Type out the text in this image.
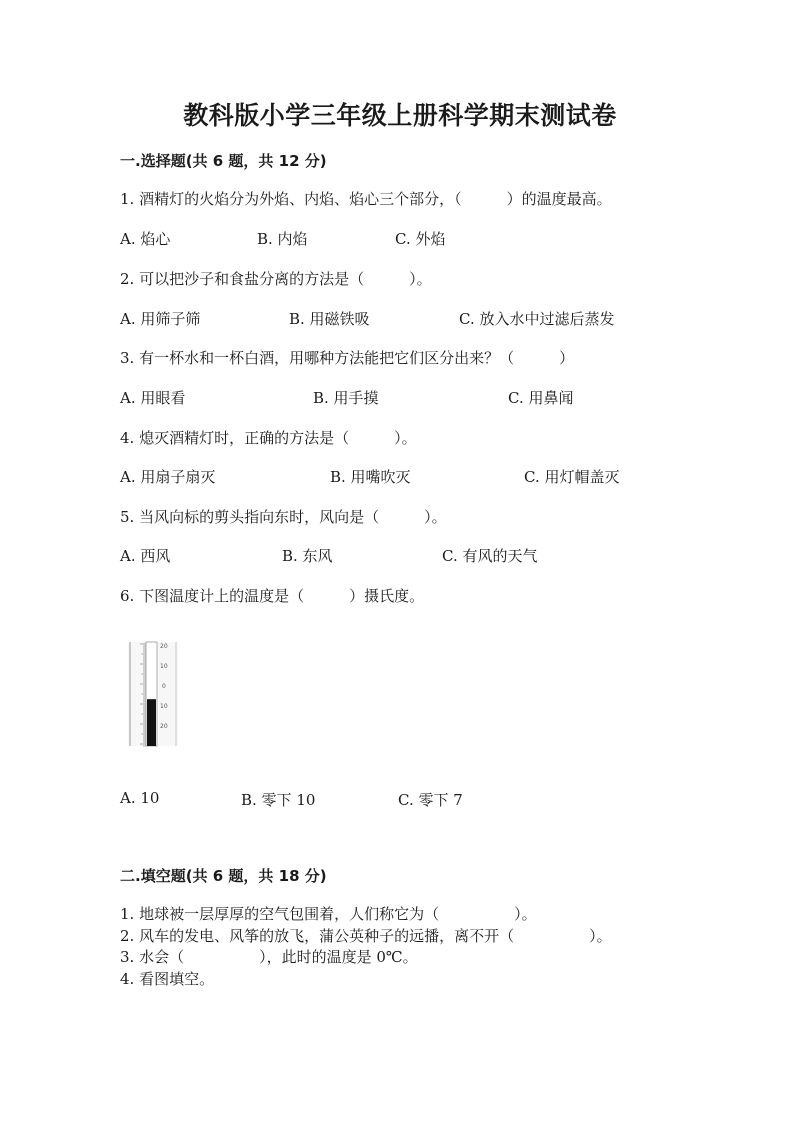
教科版小学三年级上册科学期末测试卷
一.选择题(共 6 题，共 12 分)
1. 酒精灯的火焰分为外焰、内焰、焰心三个部分，（　　　）的温度最高。
A. 焰心	B. 内焰	C. 外焰
2. 可以把沙子和食盐分离的方法是（　　　）。
A. 用筛子筛	B. 用磁铁吸	C. 放入水中过滤后蒸发
3. 有一杯水和一杯白酒，用哪种方法能把它们区分出来？（　　　）
A. 用眼看	B. 用手摸	C. 用鼻闻
4. 熄灭酒精灯时，正确的方法是（　　　）。
A. 用扇子扇灭	B. 用嘴吹灭	C. 用灯帽盖灭
5. 当风向标的剪头指向东时，风向是（　　　）。
A. 西风	B. 东风	C. 有风的天气
6. 下图温度计上的温度是（　　　）摄氏度。
20
10
0
10
20
A. 10	B. 零下 10	C. 零下 7
二.填空题(共 6 题，共 18 分)
1. 地球被一层厚厚的空气包围着，人们称它为（　　　　　）。
2. 风车的发电、风筝的放飞，蒲公英种子的远播，离不开（　　　　　）。
3. 水会（　　　　　），此时的温度是 0℃。
4. 看图填空。
